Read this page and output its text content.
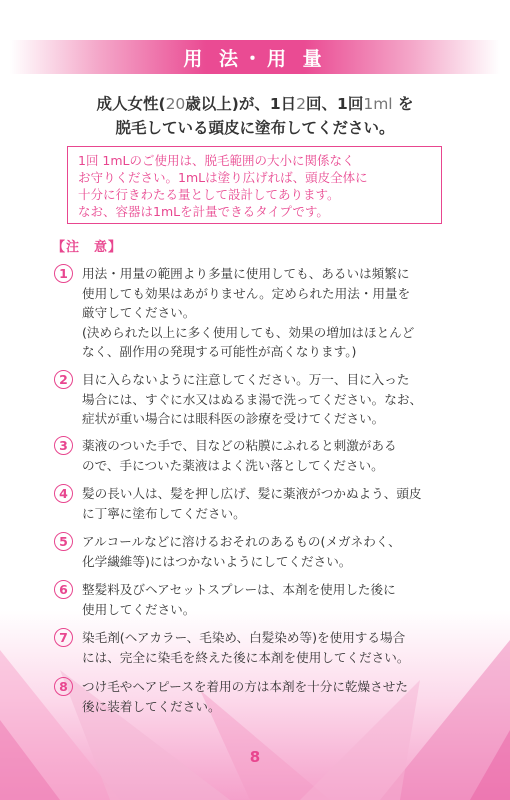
用 法・用 量
成人女性(20歳以上)が、1日2回、1回1ml を
脱毛している頭皮に塗布してください。
1回 1mLのご使用は、脱毛範囲の大小に関係なく
お守りください。1mLは塗り広げれば、頭皮全体に
十分に行きわたる量として設計してあります。
なお、容器は1mLを計量できるタイプです。
【注　意】
1	用法・用量の範囲より多量に使用しても、あるいは頻繁に
使用しても効果はあがりません。定められた用法・用量を
厳守してください。
(決められた以上に多く使用しても、効果の増加はほとんど
なく、副作用の発現する可能性が高くなります。)
2	目に入らないように注意してください。万一、目に入った
場合には、すぐに水又はぬるま湯で洗ってください。なお、
症状が重い場合には眼科医の診療を受けてください。
3	薬液のついた手で、目などの粘膜にふれると刺激がある
ので、手についた薬液はよく洗い落としてください。
4	髪の長い人は、髪を押し広げ、髪に薬液がつかぬよう、頭皮
に丁寧に塗布してください。
5	アルコールなどに溶けるおそれのあるもの(メガネわく、
化学繊維等)にはつかないようにしてください。
6	整髪料及びヘアセットスプレーは、本剤を使用した後に
使用してください。
7	染毛剤(ヘアカラー、毛染め、白髪染め等)を使用する場合
には、完全に染毛を終えた後に本剤を使用してください。
8	つけ毛やヘアピースを着用の方は本剤を十分に乾燥させた
後に装着してください。
8
